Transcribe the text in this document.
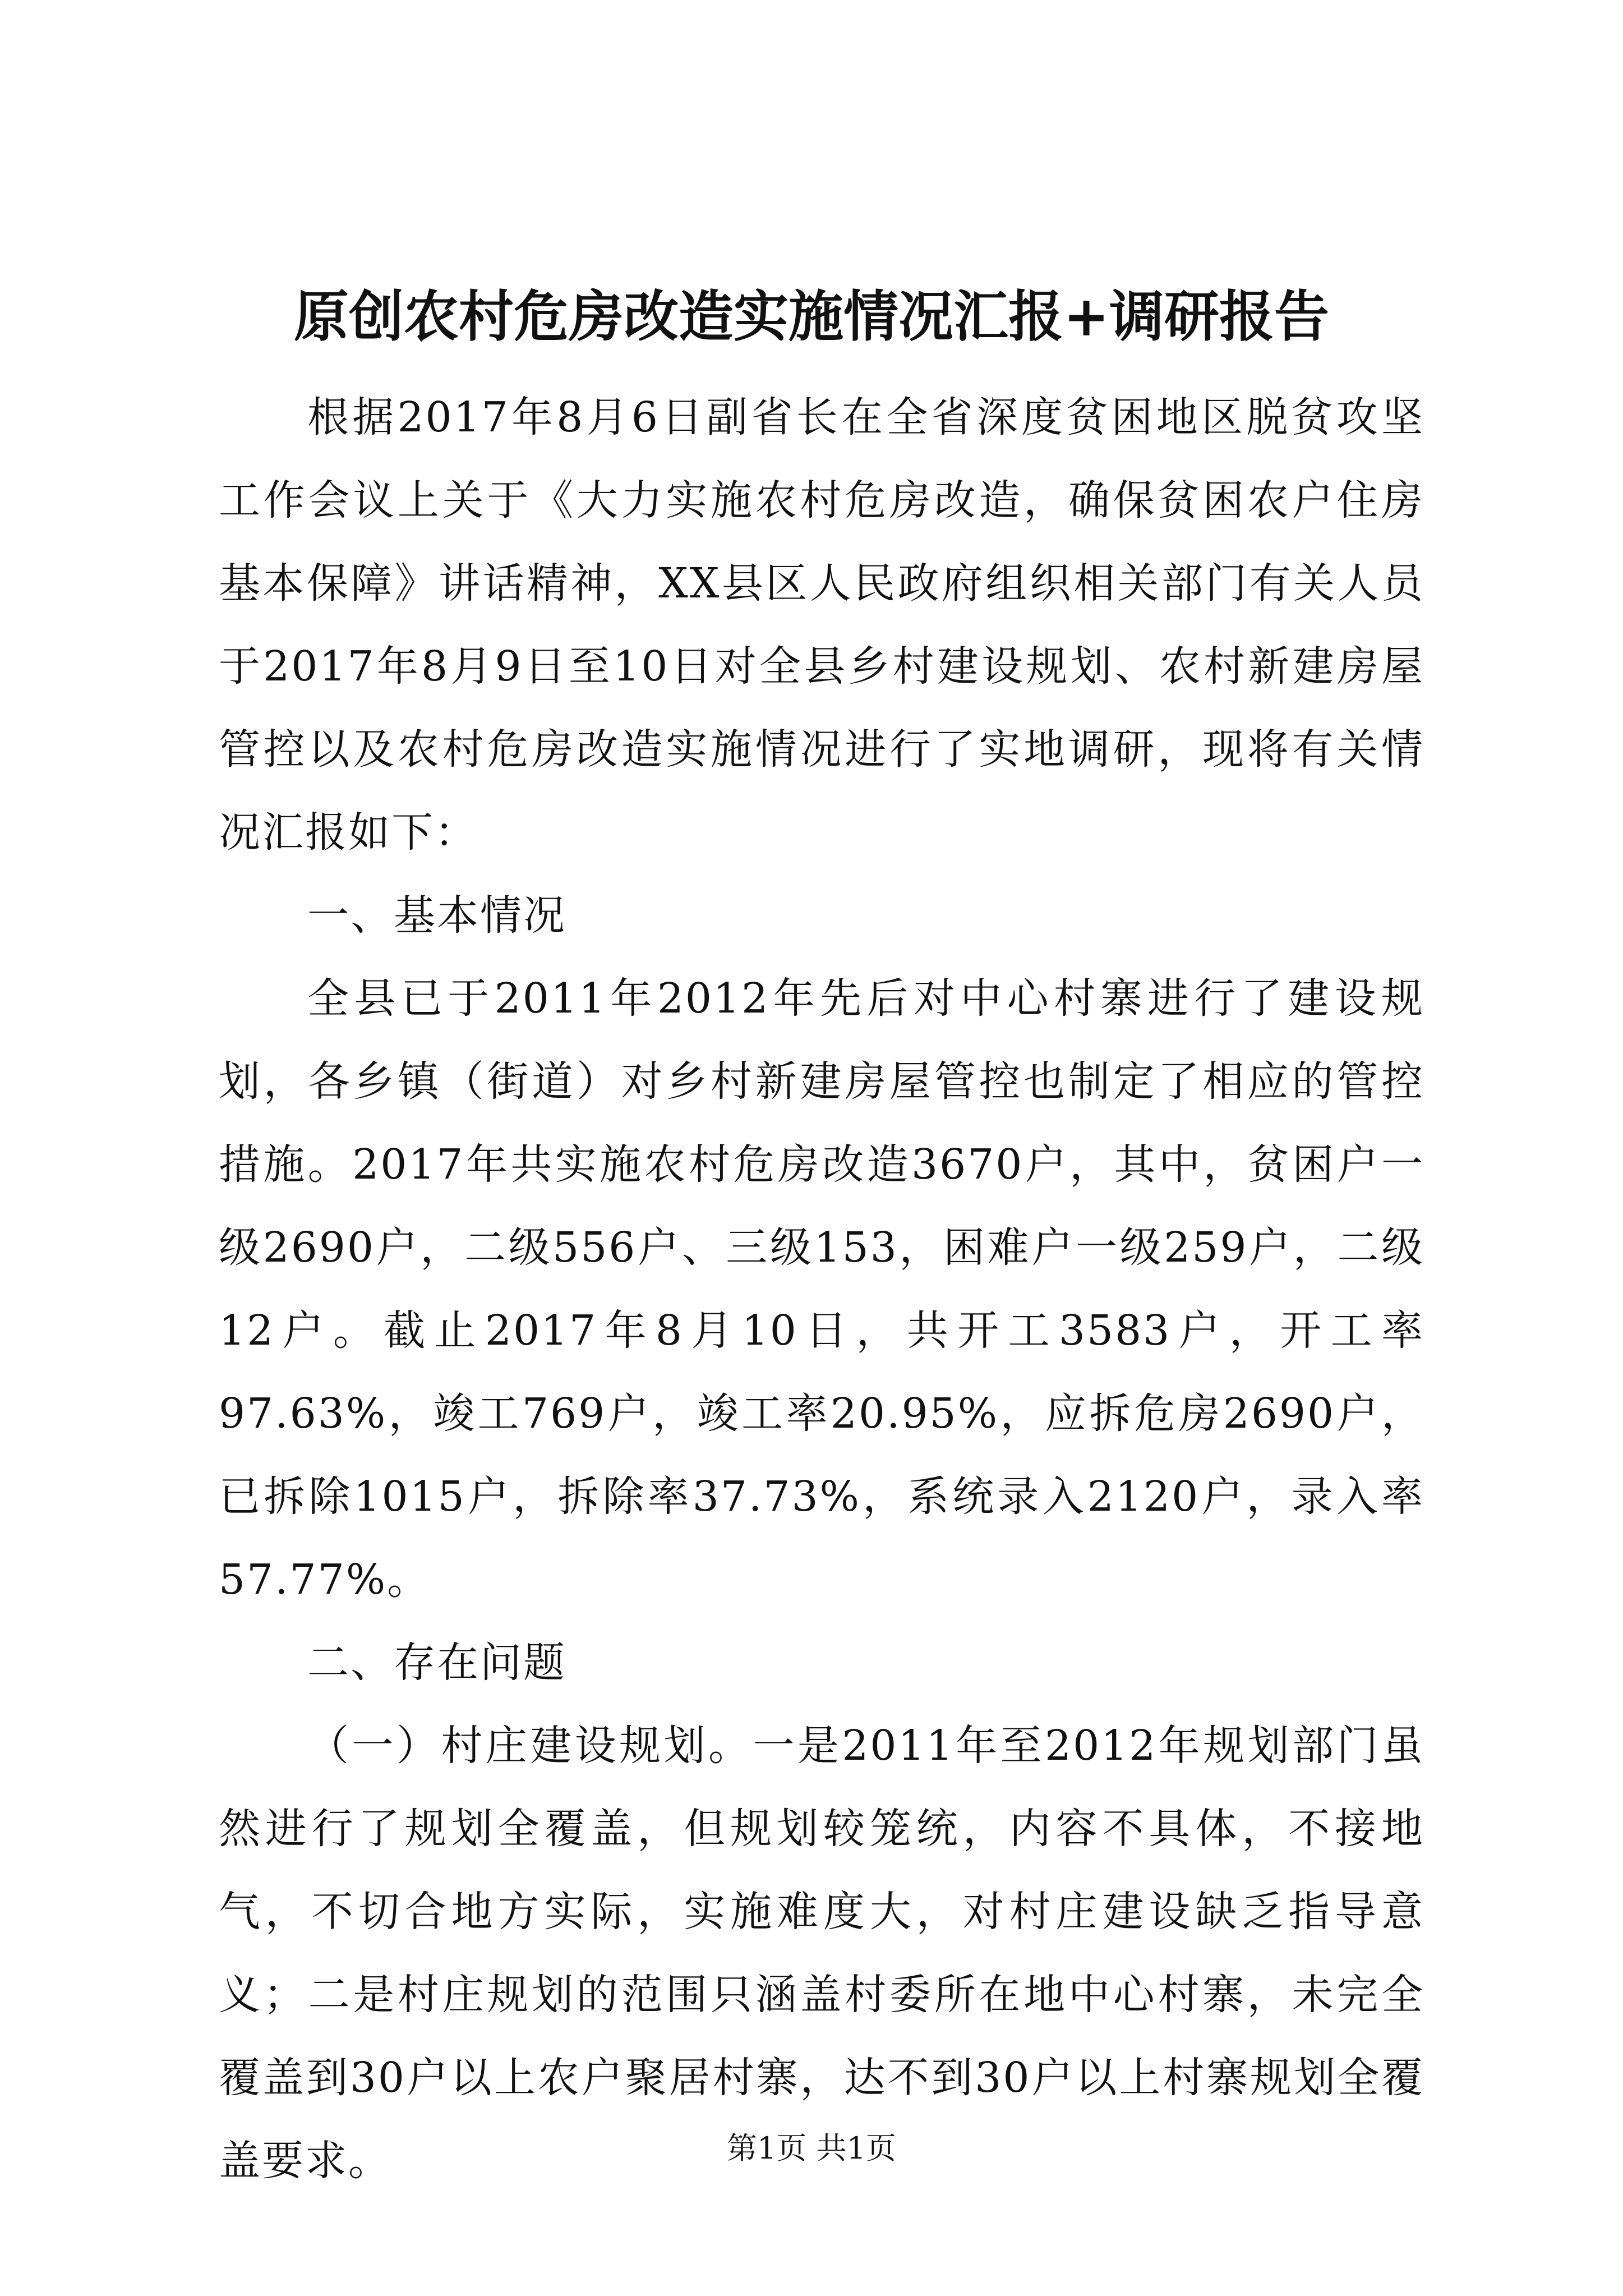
原创农村危房改造实施情况汇报+调研报告

根据2017年8月6日副省长在全省深度贫困地区脱贫攻坚工作会议上关于《大力实施农村危房改造，确保贫困农户住房基本保障》讲话精神，XX县区人民政府组织相关部门有关人员于2017年8月9日至10日对全县乡村建设规划、农村新建房屋管控以及农村危房改造实施情况进行了实地调研，现将有关情况汇报如下：

一、基本情况

全县已于2011年2012年先后对中心村寨进行了建设规划，各乡镇（街道）对乡村新建房屋管控也制定了相应的管控措施。2017年共实施农村危房改造3670户，其中，贫困户一级2690户，二级556户、三级153，困难户一级259户，二级12户。截止2017年8月10日，共开工3583户，开工率97.63%，竣工769户，竣工率20.95%，应拆危房2690户，已拆除1015户，拆除率37.73%，系统录入2120户，录入率57.77%。

二、存在问题

（一）村庄建设规划。一是2011年至2012年规划部门虽然进行了规划全覆盖，但规划较笼统，内容不具体，不接地气，不切合地方实际，实施难度大，对村庄建设缺乏指导意义；二是村庄规划的范围只涵盖村委所在地中心村寨，未完全覆盖到30户以上农户聚居村寨，达不到30户以上村寨规划全覆盖要求。	第1页 共1页
